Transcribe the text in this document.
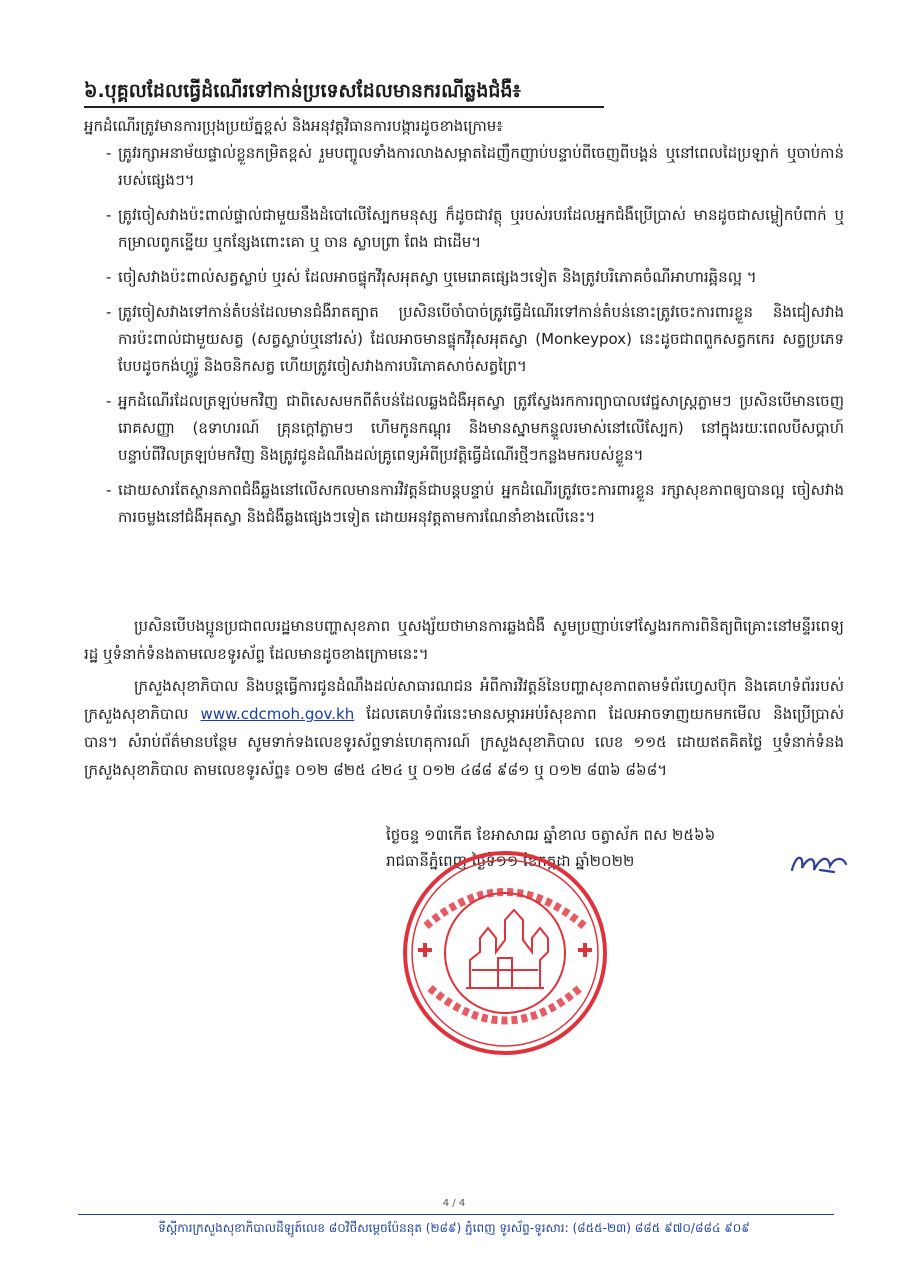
៦.បុគ្គលដែលធ្វើដំណើរទៅកាន់ប្រទេសដែលមានករណីឆ្លងជំងឺ៖
អ្នកដំណើរត្រូវមានការប្រុងប្រយ័ត្នខ្ពស់ និងអនុវត្តវិធានការបង្ការដូចខាងក្រោម៖
- ត្រូវរក្សាអនាម័យផ្ទាល់ខ្លួនកម្រិតខ្ពស់ រួមបញ្ចូលទាំងការលាងសម្អាតដៃញឹកញាប់បន្ទាប់ពីចេញពីបង្គន់ ឬនៅពេលដៃប្រឡាក់ ឬចាប់កាន់របស់ផ្សេងៗ។
- ត្រូវចៀសវាងប៉ះពាល់ផ្ទាល់ជាមួយនឹងដំបៅលើស្បែកមនុស្ស ក៏ដូចជាវត្ថុ ឬរបស់របរដែលអ្នកជំងឺប្រើប្រាស់ មានដូចជាសម្លៀកបំពាក់ ឬកម្រាលពូកខ្នើយ ឬកន្សែងពោះគោ ឬ ចាន ស្លាបព្រា ពែង ជាដើម។
- ចៀសវាងប៉ះពាល់សត្វស្លាប់ ឬរស់ ដែលអាចផ្ទុកវីរុសអុតស្វា ឬមេរោគផ្សេងៗទៀត និងត្រូវបរិភោគចំណីអាហារឆ្អិនល្អ ។
- ត្រូវចៀសវាងទៅកាន់តំបន់ដែលមានជំងឺរាតត្បាត ប្រសិនបើចាំបាច់ត្រូវធ្វើដំណើរទៅកាន់តំបន់នោះត្រូវចេះការពារខ្លួន និងជៀសវាងការប៉ះពាល់ជាមួយសត្វ (សត្វស្លាប់ឬនៅរស់) ដែលអាចមានផ្ទុកវីរុសអុតស្វា (Monkeypox) នេះដូចជាពពួកសត្វកកេរ សត្វប្រភេទបែបដូចកង់ហ្គូរ៉ូ និងចនិកសត្វ ហើយត្រូវចៀសវាងការបរិភោគសាច់សត្វព្រៃ។
- អ្នកដំណើរដែលត្រឡប់មកវិញ ជាពិសេសមកពីតំបន់ដែលឆ្លងជំងឺអុតស្វា ត្រូវស្វែងរកការព្យាបាលវេជ្ជសាស្ត្រភ្លាមៗ ប្រសិនបើមានចេញរោគសញ្ញា (ឧទាហរណ៍ គ្រុនក្ដៅភ្លាមៗ ហើមកូនកណ្ដុរ និងមានស្នាមកន្ទួលរមាស់នៅលើស្បែក) នៅក្នុងរយៈពេលបីសប្ដាហ៍បន្ទាប់ពីវិលត្រឡប់មកវិញ និងត្រូវជូនដំណឹងដល់គ្រូពេទ្យអំពីប្រវត្តិធ្វើដំណើរថ្មីៗកន្លងមករបស់ខ្លួន។
- ដោយសារតែស្ថានភាពជំងឺឆ្លងនៅលើសកលមានការវិវត្តន៍ជាបន្តបន្ទាប់ អ្នកដំណើរត្រូវចេះការពារខ្លួន រក្សាសុខភាពឲ្យបានល្អ ចៀសវាងការចម្លងនៅជំងឺអុតស្វា និងជំងឺឆ្លងផ្សេងៗទៀត ដោយអនុវត្តតាមការណែនាំខាងលើនេះ។
ប្រសិនបើបងប្អូនប្រជាពលរដ្ឋមានបញ្ហាសុខភាព ឬសង្ស័យថាមានការឆ្លងជំងឺ សូមប្រញាប់ទៅស្វែងរកការពិនិត្យពិគ្រោះនៅមន្ទីរពេទ្យរដ្ឋ ឬទំនាក់ទំនងតាមលេខទូរស័ព្ទ ដែលមានដូចខាងក្រោមនេះ។
ក្រសួងសុខាភិបាល និងបន្តធ្វើការជូនដំណឹងដល់សាធារណជន អំពីការវិវត្តន៍នៃបញ្ហាសុខភាពតាមទំព័រហ្វេសប៊ុក និងគេហទំព័ររបស់ក្រសួងសុខាភិបាល www.cdcmoh.gov.kh ដែលគេហទំព័រនេះមានសម្ភារអប់រំសុខភាព ដែលអាចទាញយកមកមើល និងប្រើប្រាស់បាន។ សំរាប់ព័ត៌មានបន្ថែម សូមទាក់ទងលេខទូរស័ព្ទទាន់ហេតុការណ៍ ក្រសួងសុខាភិបាល លេខ ១១៥ ដោយឥតគិតថ្លៃ ឬទំនាក់ទំនងក្រសួងសុខាភិបាល តាមលេខទូរស័ព្ទ៖ ០១២ ៨២៥ ៤២៤ ឬ ០១២ ៤៨៨ ៩៨១ ឬ ០១២ ៨៣៦ ៨៦៨។
ថ្ងៃចន្ទ ១៣កើត ខែអាសាឍ ឆ្នាំខាល ចត្វាស័ក ពស ២៥៦៦
រាជធានីភ្នំពេញ ថ្ងៃទី១១ ខែកក្កដា ឆ្នាំ២០២២
4 / 4
ទីស្តីការក្រសួងសុខាភិបាលដីឡូត៍លេខ ៨០វិថីសម្ដេចប៉ែននុត (២៨៩) ភ្នំពេញ ទូរស័ព្ទ-ទូរសារ: (៨៥៥-២៣) ៨៨៥ ៩៧០/៨៨៤ ៩០៩
